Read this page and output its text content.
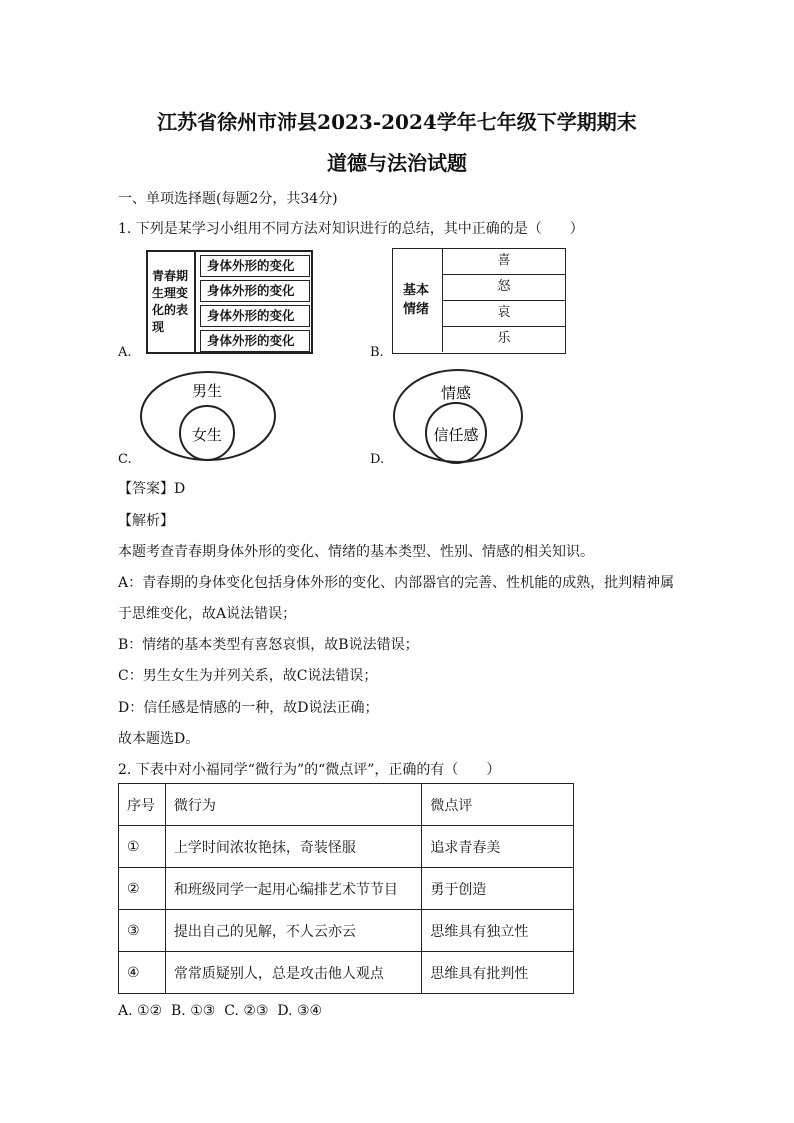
江苏省徐州市沛县2023-2024学年七年级下学期期末
道德与法治试题
一、单项选择题(每题2分，共34分)
1. 下列是某学习小组用不同方法对知识进行的总结，其中正确的是（　　）
青春期
生理变
化的表
现
身体外形的变化
身体外形的变化
身体外形的变化
身体外形的变化
A.
基本
情绪
喜
怒
哀
乐
B.
男生
女生
C.
情感
信任感
D.
【答案】D
【解析】
本题考查青春期身体外形的变化、情绪的基本类型、性别、情感的相关知识。
A：青春期的身体变化包括身体外形的变化、内部器官的完善、性机能的成熟，批判精神属
于思维变化，故A说法错误；
B：情绪的基本类型有喜怒哀惧，故B说法错误；
C：男生女生为并列关系，故C说法错误；
D：信任感是情感的一种，故D说法正确；
故本题选D。
2. 下表中对小福同学“微行为”的“微点评”，正确的有（　　）
序号	微行为	微点评
①	上学时间浓妆艳抹，奇装怪服	追求青春美
②	和班级同学一起用心编排艺术节节目	勇于创造
③	提出自己的见解，不人云亦云	思维具有独立性
④	常常质疑别人，总是攻击他人观点	思维具有批判性
A. ①②  B. ①③  C. ②③  D. ③④
